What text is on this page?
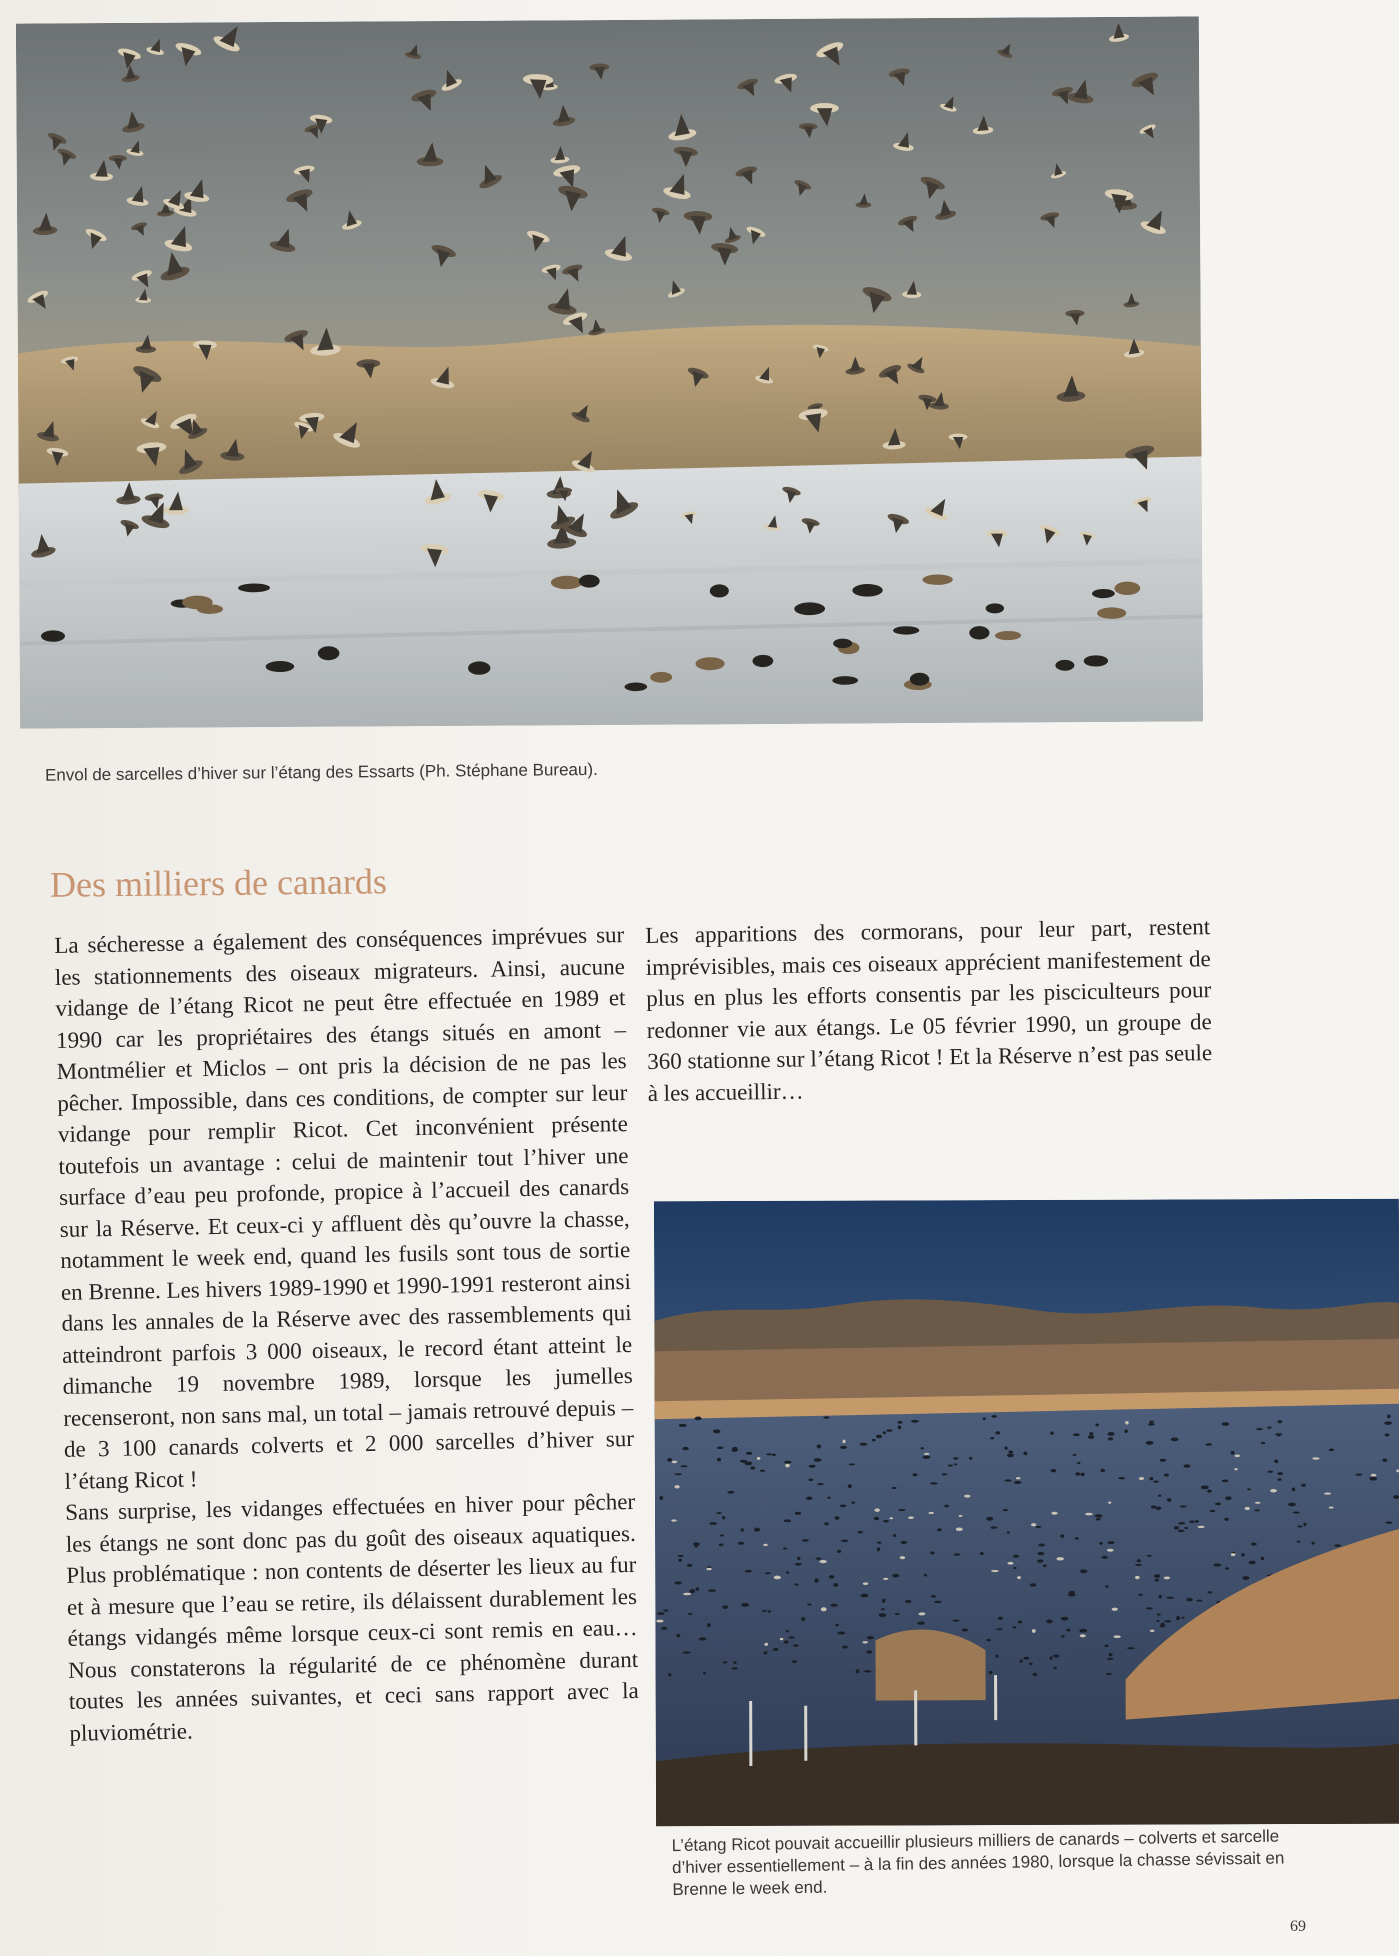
Envol de sarcelles d’hiver sur l’étang des Essarts (Ph. Stéphane Bureau).
Des milliers de canards

La sécheresse a également des conséquences imprévues sur les stationnements des oiseaux migrateurs. Ainsi, aucune vidange de l’étang Ricot ne peut être effectuée en 1989 et 1990 car les propriétaires des étangs situés en amont – Montmélier et Miclos – ont pris la décision de ne pas les pêcher. Impossible, dans ces conditions, de compter sur leur vidange pour remplir Ricot. Cet inconvénient présente toutefois un avantage : celui de maintenir tout l’hiver une surface d’eau peu profonde, propice à l’accueil des canards sur la Réserve. Et ceux-ci y affluent dès qu’ouvre la chasse, notamment le week end, quand les fusils sont tous de sortie en Brenne. Les hivers 1989-1990 et 1990-1991 resteront ainsi dans les annales de la Réserve avec des rassemblements qui atteindront parfois 3 000 oiseaux, le record étant atteint le dimanche 19 novembre 1989, lorsque les jumelles recenseront, non sans mal, un total – jamais retrouvé depuis – de 3 100 canards colverts et 2 000 sarcelles d’hiver sur l’étang Ricot !

Sans surprise, les vidanges effectuées en hiver pour pêcher les étangs ne sont donc pas du goût des oiseaux aquatiques. Plus problématique : non contents de déserter les lieux au fur et à mesure que l’eau se retire, ils délaissent durablement les étangs vidangés même lorsque ceux-ci sont remis en eau… Nous constaterons la régularité de ce phénomène durant toutes les années suivantes, et ceci sans rapport avec la pluviométrie.

Les apparitions des cormorans, pour leur part, restent imprévisibles, mais ces oiseaux apprécient manifestement de plus en plus les efforts consentis par les pisciculteurs pour redonner vie aux étangs. Le 05 février 1990, un groupe de 360 stationne sur l’étang Ricot ! Et la Réserve n’est pas seule à les accueillir…

L’étang Ricot pouvait accueillir plusieurs milliers de canards – colverts et sarcelle d’hiver essentiellement – à la fin des années 1980, lorsque la chasse sévissait en Brenne le week end.
69
